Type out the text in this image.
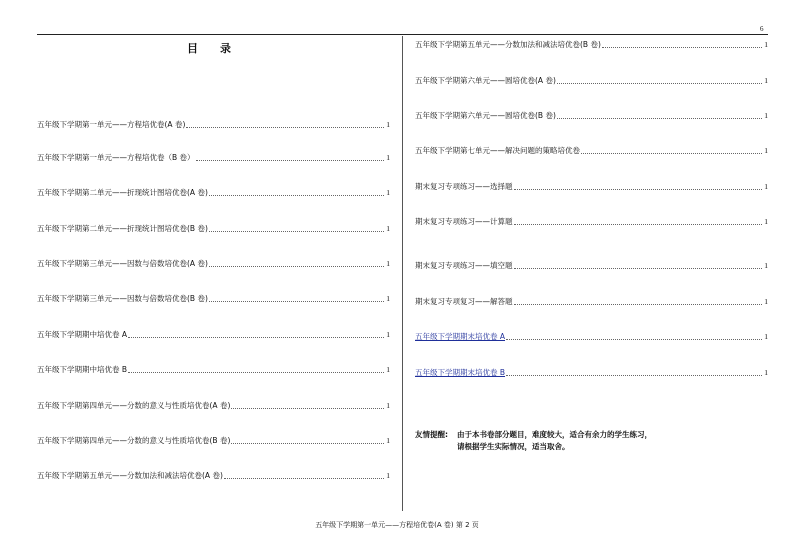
6
目录
五年级下学期第一单元——方程培优卷(A 卷)	1
五年级下学期第一单元——方程培优卷（B 卷）	1
五年级下学期第二单元——折现统计图培优卷(A 卷)	1
五年级下学期第二单元——折现统计图培优卷(B 卷)	1
五年级下学期第三单元——因数与倍数培优卷(A 卷)	1
五年级下学期第三单元——因数与倍数培优卷(B 卷)	1
五年级下学期期中培优卷 A	1
五年级下学期期中培优卷 B	1
五年级下学期第四单元——分数的意义与性质培优卷(A 卷)	1
五年级下学期第四单元——分数的意义与性质培优卷(B 卷)	1
五年级下学期第五单元——分数加法和减法培优卷(A 卷)	1
五年级下学期第五单元——分数加法和减法培优卷(B 卷)	1
五年级下学期第六单元——圆培优卷(A 卷)	1
五年级下学期第六单元——圆培优卷(B 卷)	1
五年级下学期第七单元——解决问题的策略培优卷	1
期末复习专项练习——选择题	1
期末复习专项练习——计算题	1
期末复习专项练习——填空题	1
期末复习专项复习——解答题	1
五年级下学期期末培优卷 A	1
五年级下学期期末培优卷 B	1
友情提醒:	由于本书卷部分题目，难度较大，适合有余力的学生练习，
请根据学生实际情况，适当取舍。
五年级下学期第一单元——方程培优卷(A 卷) 第 2 页
